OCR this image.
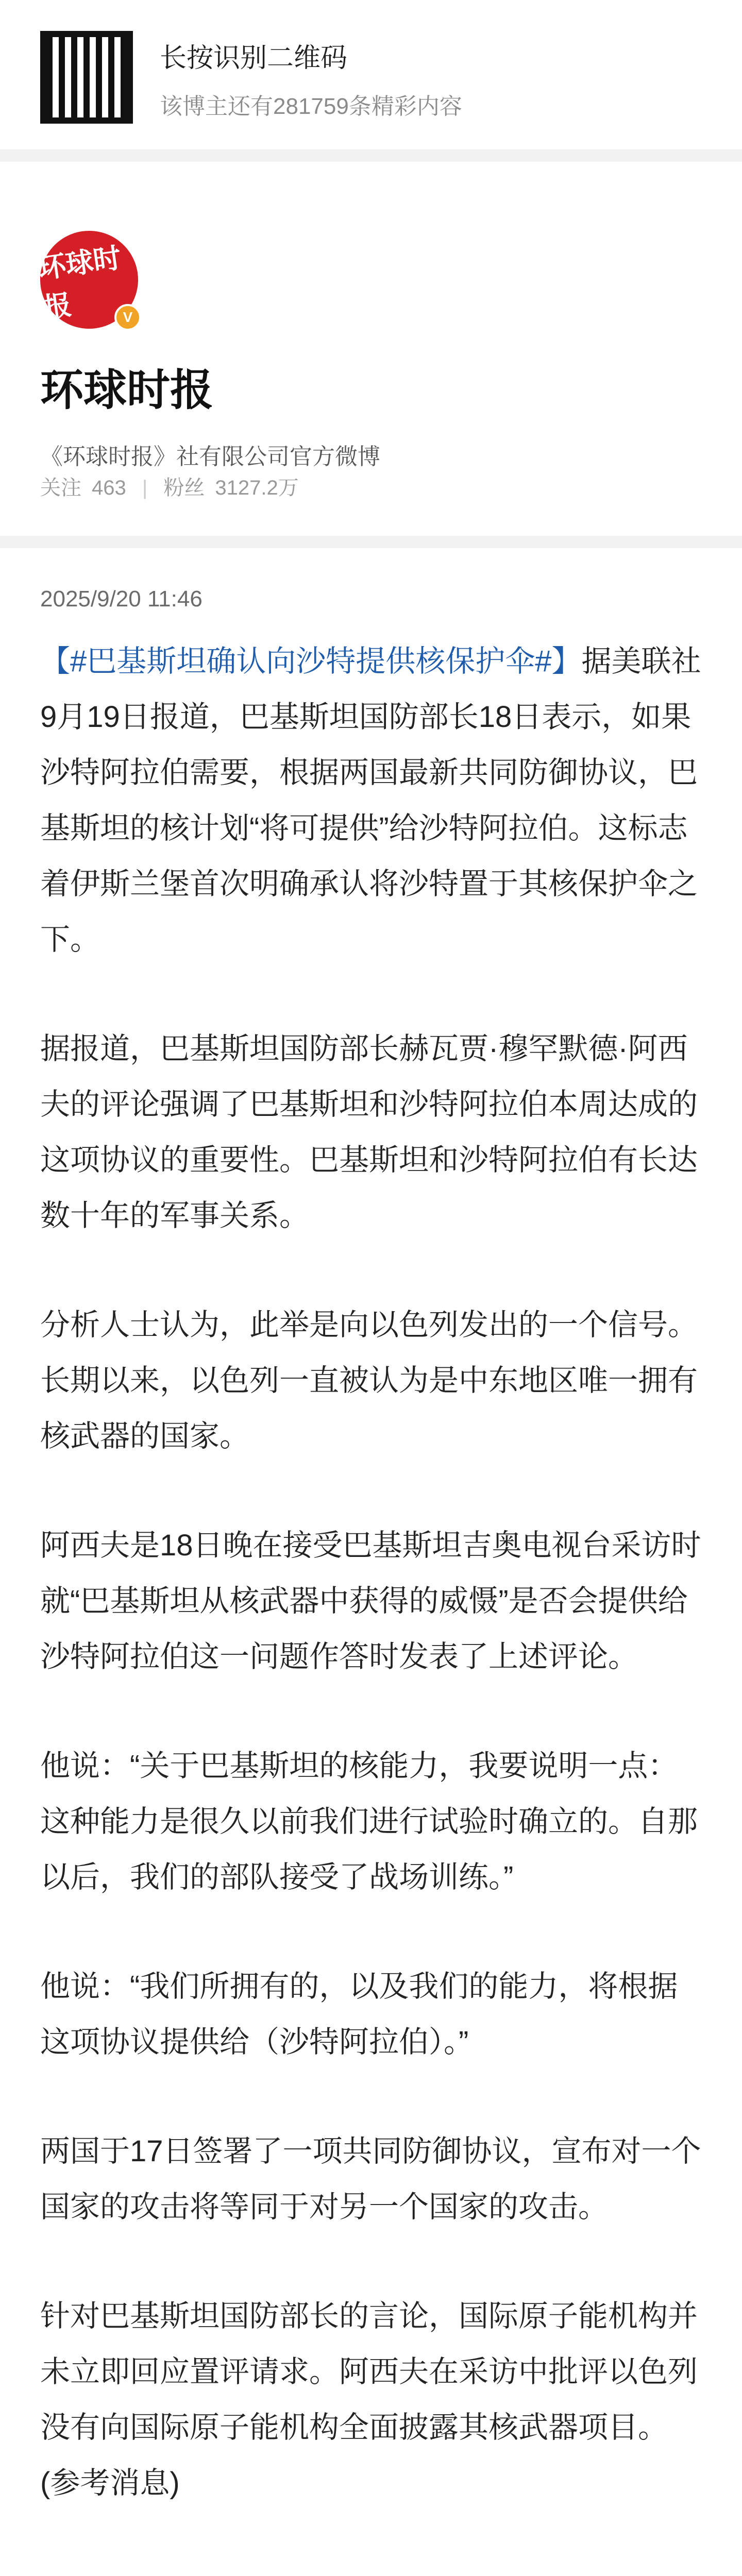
长按识别二维码
该博主还有281759条精彩内容
环球时报	V
环球时报
《环球时报》社有限公司官方微博
关注 463 | 粉丝 3127.2万
2025/9/20 11:46

【#巴基斯坦确认向沙特提供核保护伞#】据美联社9月19日报道，巴基斯坦国防部长18日表示，如果沙特阿拉伯需要，根据两国最新共同防御协议，巴基斯坦的核计划“将可提供”给沙特阿拉伯。这标志着伊斯兰堡首次明确承认将沙特置于其核保护伞之下。

据报道，巴基斯坦国防部长赫瓦贾·穆罕默德·阿西夫的评论强调了巴基斯坦和沙特阿拉伯本周达成的这项协议的重要性。巴基斯坦和沙特阿拉伯有长达数十年的军事关系。

分析人士认为，此举是向以色列发出的一个信号。长期以来，以色列一直被认为是中东地区唯一拥有核武器的国家。

阿西夫是18日晚在接受巴基斯坦吉奥电视台采访时就“巴基斯坦从核武器中获得的威慑”是否会提供给沙特阿拉伯这一问题作答时发表了上述评论。

他说：“关于巴基斯坦的核能力，我要说明一点：这种能力是很久以前我们进行试验时确立的。自那以后，我们的部队接受了战场训练。”

他说：“我们所拥有的，以及我们的能力，将根据这项协议提供给（沙特阿拉伯）。”

两国于17日签署了一项共同防御协议，宣布对一个国家的攻击将等同于对另一个国家的攻击。

针对巴基斯坦国防部长的言论，国际原子能机构并未立即回应置评请求。阿西夫在采访中批评以色列没有向国际原子能机构全面披露其核武器项目。(参考消息)
